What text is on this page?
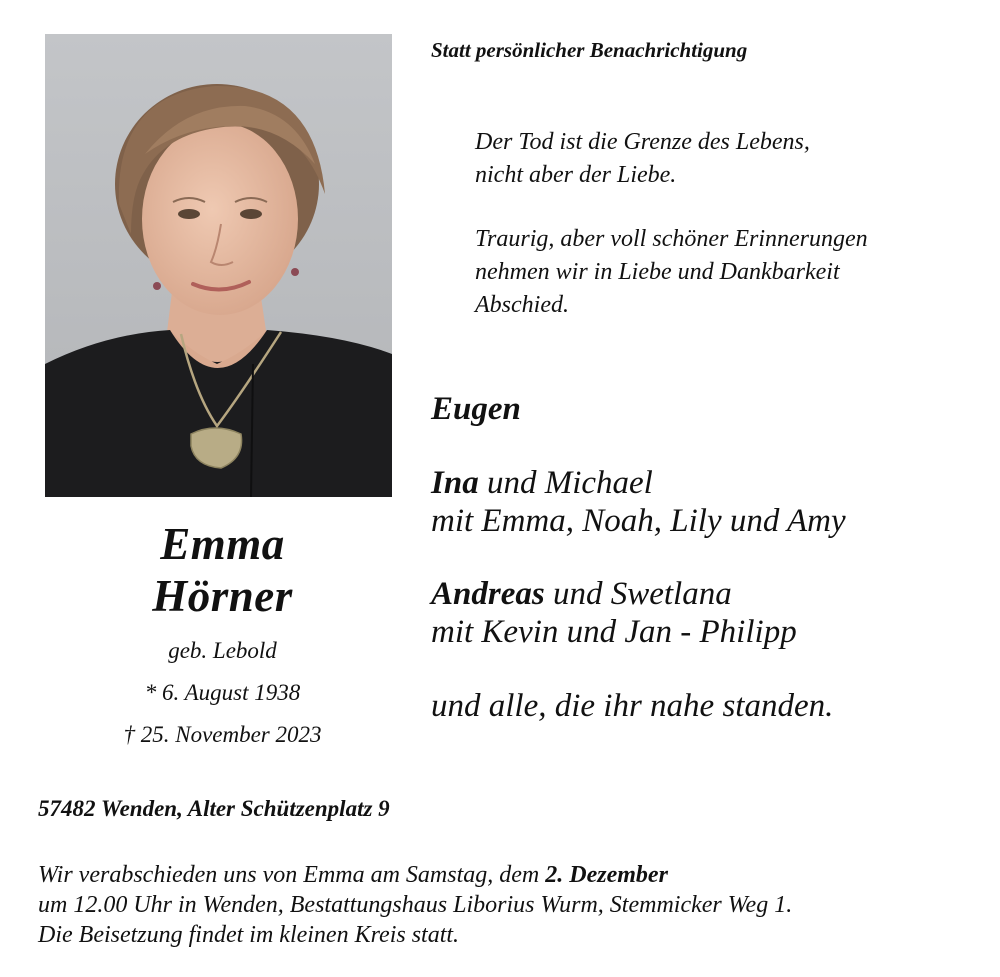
Emma
Hörner
geb. Lebold
* 6. August 1938
† 25. November 2023
Statt persönlicher Benachrichtigung
Der Tod ist die Grenze des Lebens,
nicht aber der Liebe.
Traurig, aber voll schöner Erinnerungen
nehmen wir in Liebe und Dankbarkeit
Abschied.
Eugen
Ina und Michael
mit Emma, Noah, Lily und Amy
Andreas und Swetlana
mit Kevin und Jan - Philipp
und alle, die ihr nahe standen.
57482 Wenden, Alter Schützenplatz 9
Wir verabschieden uns von Emma am Samstag, dem 2. Dezember
um 12.00 Uhr in Wenden, Bestattungshaus Liborius Wurm, Stemmicker Weg 1.
Die Beisetzung findet im kleinen Kreis statt.
